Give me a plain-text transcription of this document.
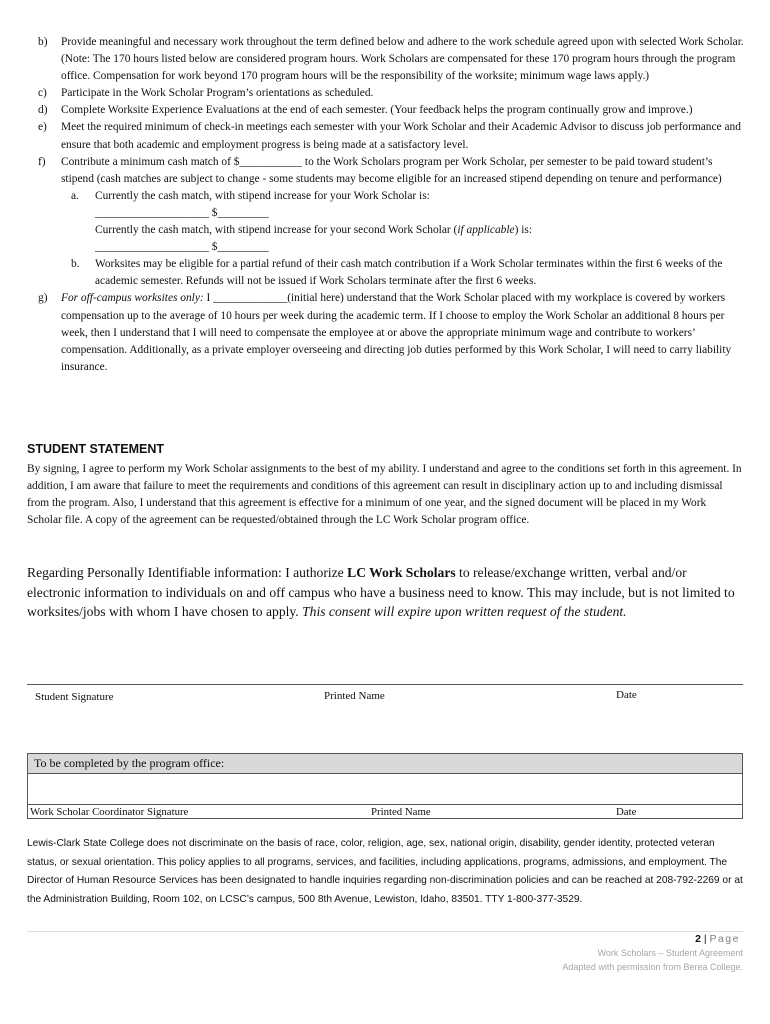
b) Provide meaningful and necessary work throughout the term defined below and adhere to the work schedule agreed upon with selected Work Scholar. (Note: The 170 hours listed below are considered program hours. Work Scholars are compensated for these 170 program hours through the program office. Compensation for work beyond 170 program hours will be the responsibility of the worksite; minimum wage laws apply.)
c) Participate in the Work Scholar Program’s orientations as scheduled.
d) Complete Worksite Experience Evaluations at the end of each semester. (Your feedback helps the program continually grow and improve.)
e) Meet the required minimum of check-in meetings each semester with your Work Scholar and their Academic Advisor to discuss job performance and ensure that both academic and employment progress is being made at a satisfactory level.
f) Contribute a minimum cash match of $___________ to the Work Scholars program per Work Scholar, per semester to be paid toward student’s stipend (cash matches are subject to change - some students may become eligible for an increased stipend depending on tenure and performance)
a. Currently the cash match, with stipend increase for your Work Scholar is:
____________________ $_________
Currently the cash match, with stipend increase for your second Work Scholar (if applicable) is:
____________________ $_________
b. Worksites may be eligible for a partial refund of their cash match contribution if a Work Scholar terminates within the first 6 weeks of the academic semester. Refunds will not be issued if Work Scholars terminate after the first 6 weeks.
g) For off-campus worksites only: I _____________(initial here) understand that the Work Scholar placed with my workplace is covered by workers compensation up to the average of 10 hours per week during the academic term. If I choose to employ the Work Scholar an additional 8 hours per week, then I understand that I will need to compensate the employee at or above the appropriate minimum wage and contribute to workers’ compensation. Additionally, as a private employer overseeing and directing job duties performed by this Work Scholar, I will need to carry liability insurance.
STUDENT STATEMENT
By signing, I agree to perform my Work Scholar assignments to the best of my ability. I understand and agree to the conditions set forth in this agreement. In addition, I am aware that failure to meet the requirements and conditions of this agreement can result in disciplinary action up to and including dismissal from the program. Also, I understand that this agreement is effective for a minimum of one year, and the signed document will be placed in my Work Scholar file. A copy of the agreement can be requested/obtained through the LC Work Scholar program office.
Regarding Personally Identifiable information: I authorize LC Work Scholars to release/exchange written, verbal and/or electronic information to individuals on and off campus who have a business need to know. This may include, but is not limited to worksites/jobs with whom I have chosen to apply. This consent will expire upon written request of the student.
Student Signature	Printed Name	Date
To be completed by the program office:
Work Scholar Coordinator Signature	Printed Name	Date
Lewis-Clark State College does not discriminate on the basis of race, color, religion, age, sex, national origin, disability, gender identity, protected veteran status, or sexual orientation. This policy applies to all programs, services, and facilities, including applications, programs, admissions, and employment. The Director of Human Resource Services has been designated to handle inquiries regarding non-discrimination policies and can be reached at 208-792-2269 or at the Administration Building, Room 102, on LCSC’s campus, 500 8th Avenue, Lewiston, Idaho, 83501. TTY 1-800-377-3529.
2 | Page
Work Scholars – Student Agreement
Adapted with permission from Berea College.
